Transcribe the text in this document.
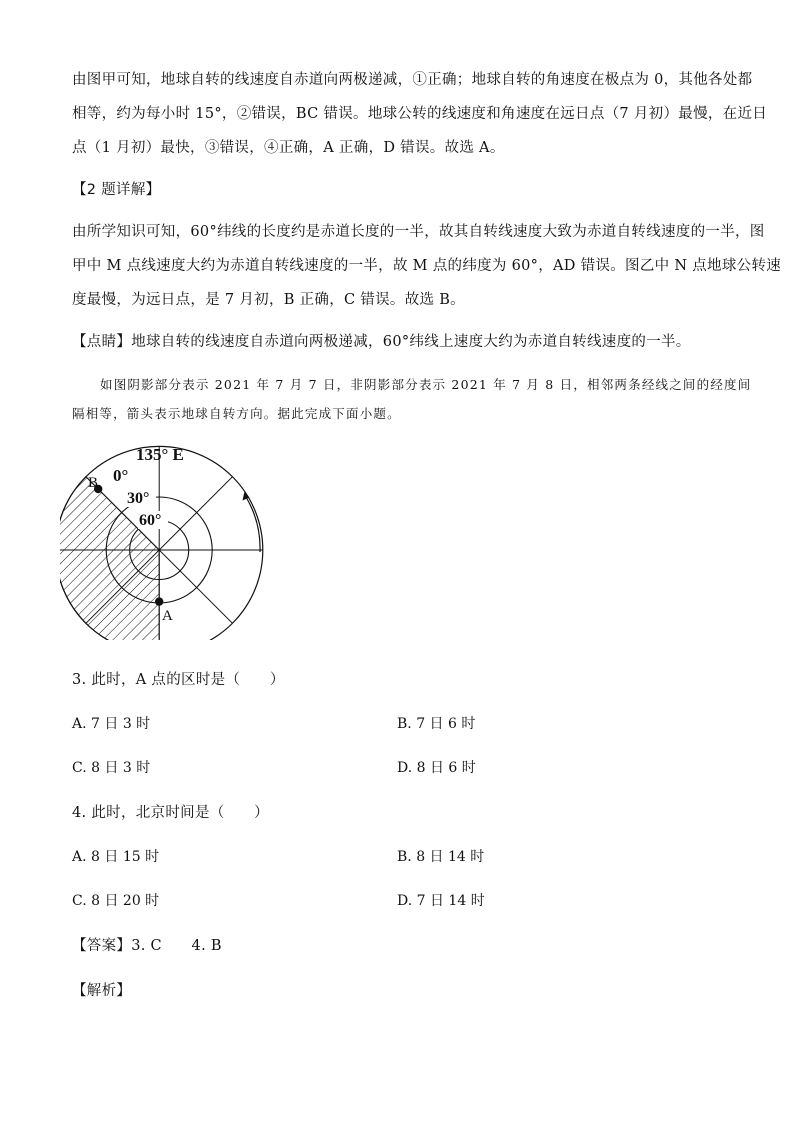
由图甲可知，地球自转的线速度自赤道向两极递减，①正确；地球自转的角速度在极点为 0，其他各处都
相等，约为每小时 15°，②错误，BC 错误。地球公转的线速度和角速度在远日点（7 月初）最慢，在近日
点（1 月初）最快，③错误，④正确，A 正确，D 错误。故选 A。
【2 题详解】
由所学知识可知，60°纬线的长度约是赤道长度的一半，故其自转线速度大致为赤道自转线速度的一半，图
甲中 M 点线速度大约为赤道自转线速度的一半，故 M 点的纬度为 60°，AD 错误。图乙中 N 点地球公转速
度最慢，为远日点，是 7 月初，B 正确，C 错误。故选 B。
【点睛】地球自转的线速度自赤道向两极递减，60°纬线上速度大约为赤道自转线速度的一半。
如图阴影部分表示 2021 年 7 月 7 日，非阴影部分表示 2021 年 7 月 8 日，相邻两条经线之间的经度间
隔相等，箭头表示地球自转方向。据此完成下面小题。
135° E
0°
30°
60°
B
A
3. 此时，A 点的区时是（　　）
A. 7 日 3 时	B. 7 日 6 时
C. 8 日 3 时	D. 8 日 6 时
4. 此时，北京时间是（　　）
A. 8 日 15 时	B. 8 日 14 时
C. 8 日 20 时	D. 7 日 14 时
【答案】3. C　　4. B
【解析】
